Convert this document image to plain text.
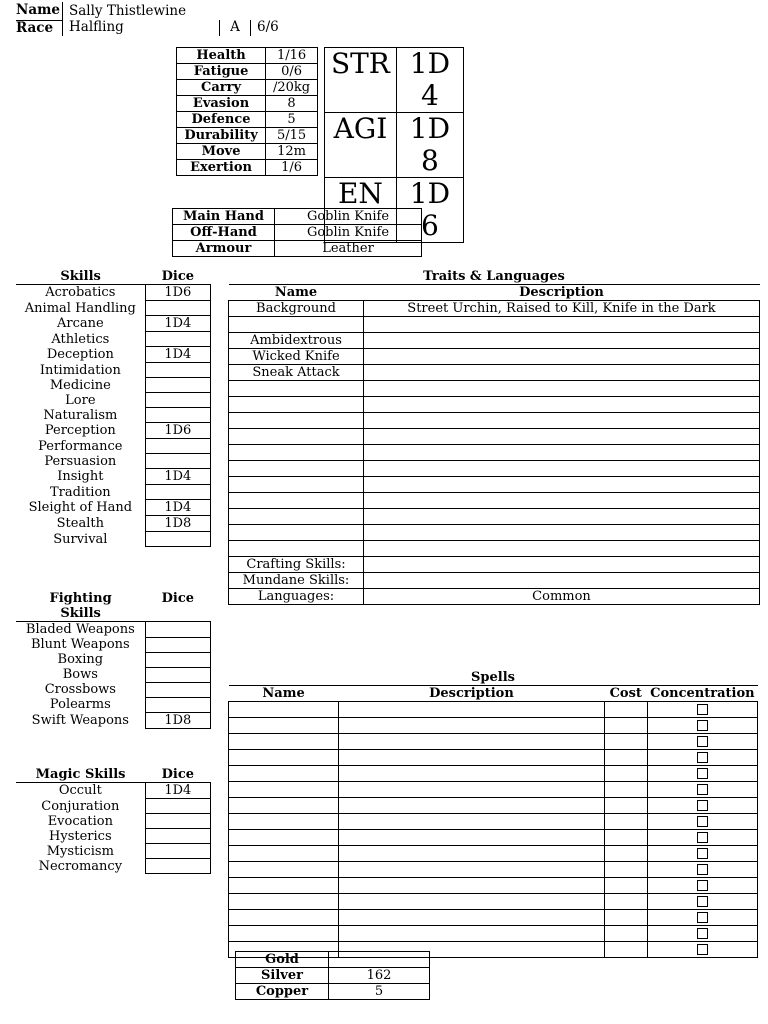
Name	Sally Thistlewine		
Race	Halfling	A	6/6
Health	1/16
Fatigue	0/6
Carry	/20kg
Evasion	8
Defence	5
Durability	5/15
Move	12m
Exertion	1/6
STR	1D4
AGI	1D8
EN	1D6
Main Hand	Goblin Knife
Off-Hand	Goblin Knife
Armour	Leather
Skills	Dice
Acrobatics	1D6
Animal Handling	
Arcane	1D4
Athletics	
Deception	1D4
Intimidation	
Medicine	
Lore	
Naturalism	
Perception	1D6
Performance	
Persuasion	
Insight	1D4
Tradition	
Sleight of Hand	1D4
Stealth	1D8
Survival	
Fighting Skills	Dice
Bladed Weapons	
Blunt Weapons	
Boxing	
Bows	
Crossbows	
Polearms	
Swift Weapons	1D8
Magic Skills	Dice
Occult	1D4
Conjuration	
Evocation	
Hysterics	
Mysticism	
Necromancy	
Traits & Languages	
Name	Description
Background	Street Urchin, Raised to Kill, Knife in the Dark

Ambidextrous	
Wicked Knife	
Sneak Attack	

Crafting Skills:	
Mundane Skills:	
Languages:	Common
Spells			
Name	Description	Cost	Concentration

Gold	
Silver	162
Copper	5
